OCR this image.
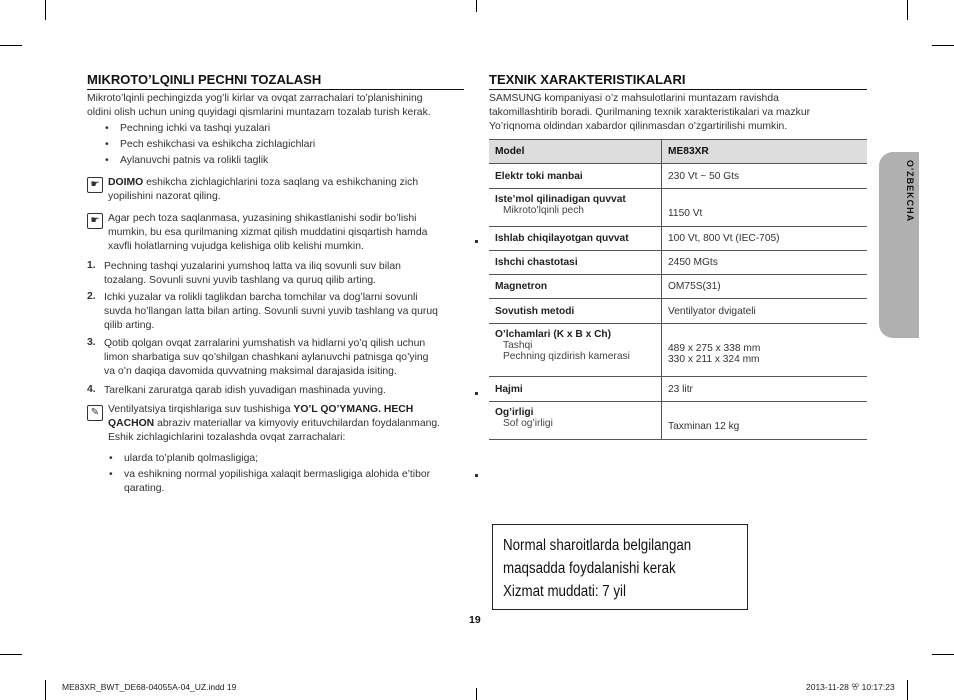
MIKROTO’LQINLI PECHNI TOZALASH
Mikroto’lqinli pechingizda yog’li kirlar va ovqat zarrachalari to’planishining
oldini olish uchun uning quyidagi qismlarini muntazam tozalab turish kerak.
• Pechning ichki va tashqi yuzalari
• Pech eshikchasi va eshikcha zichlagichlari
• Aylanuvchi patnis va rolikli taglik
☛ DOIMO eshikcha zichlagichlarini toza saqlang va eshikchaning zich
yopilishini nazorat qiling.
☛ Agar pech toza saqlanmasa, yuzasining shikastlanishi sodir bo’lishi
mumkin, bu esa qurilmaning xizmat qilish muddatini qisqartish hamda
xavfli holatlarning vujudga kelishiga olib kelishi mumkin.
1. Pechning tashqi yuzalarini yumshoq latta va iliq sovunli suv bilan
tozalang. Sovunli suvni yuvib tashlang va quruq qilib arting.
2. Ichki yuzalar va rolikli taglikdan barcha tomchilar va dog’larni sovunli
suvda ho’llangan latta bilan arting. Sovunli suvni yuvib tashlang va quruq
qilib arting.
3. Qotib qolgan ovqat zarralarini yumshatish va hidlarni yo’q qilish uchun
limon sharbatiga suv qo’shilgan chashkani aylanuvchi patnisga qo’ying
va o’n daqiqa davomida quvvatning maksimal darajasida isiting.
4. Tarelkani zaruratga qarab idish yuvadigan mashinada yuving.
✎ Ventilyatsiya tirqishlariga suv tushishiga YO’L QO’YMANG. HECH
QACHON abraziv materiallar va kimyoviy erituvchilardan foydalanmang.
Eshik zichlagichlarini tozalashda ovqat zarrachalari:
• ularda to’planib qolmasligiga;
• va eshikning normal yopilishiga xalaqit bermasligiga alohida e’tibor
qarating.
TEXNIK XARAKTERISTIKALARI
SAMSUNG kompaniyasi o’z mahsulotlarini muntazam ravishda
takomillashtirib boradi. Qurilmaning texnik xarakteristikalari va mazkur
Yo’riqnoma oldindan xabardor qilinmasdan o’zgartirilishi mumkin.
Model	ME83XR
Elektr toki manbai	230 Vt ~ 50 Gts
Iste’mol qilinadigan quvvat
Mikroto’lqinli pech	1150 Vt
Ishlab chiqilayotgan quvvat	100 Vt, 800 Vt (IEC-705)
Ishchi chastotasi	2450 MGts
Magnetron	OM75S(31)
Sovutish metodi	Ventilyator dvigateli
O’lchamlari (K x B x Ch)
Tashqi
Pechning qizdirish kamerasi	489 x 275 x 338 mm
330 x 211 x 324 mm

Hajmi	23 litr
Og’irligi
Sof og’irligi	Taxminan 12 kg
O'ZBEKCHA
Normal sharoitlarda belgilangan
maqsadda foydalanishi kerak
Xizmat muddati: 7 yil
19
ME83XR_BWT_DE68-04055A-04_UZ.indd 19	2013-11-28 ꕢ 10:17:23
